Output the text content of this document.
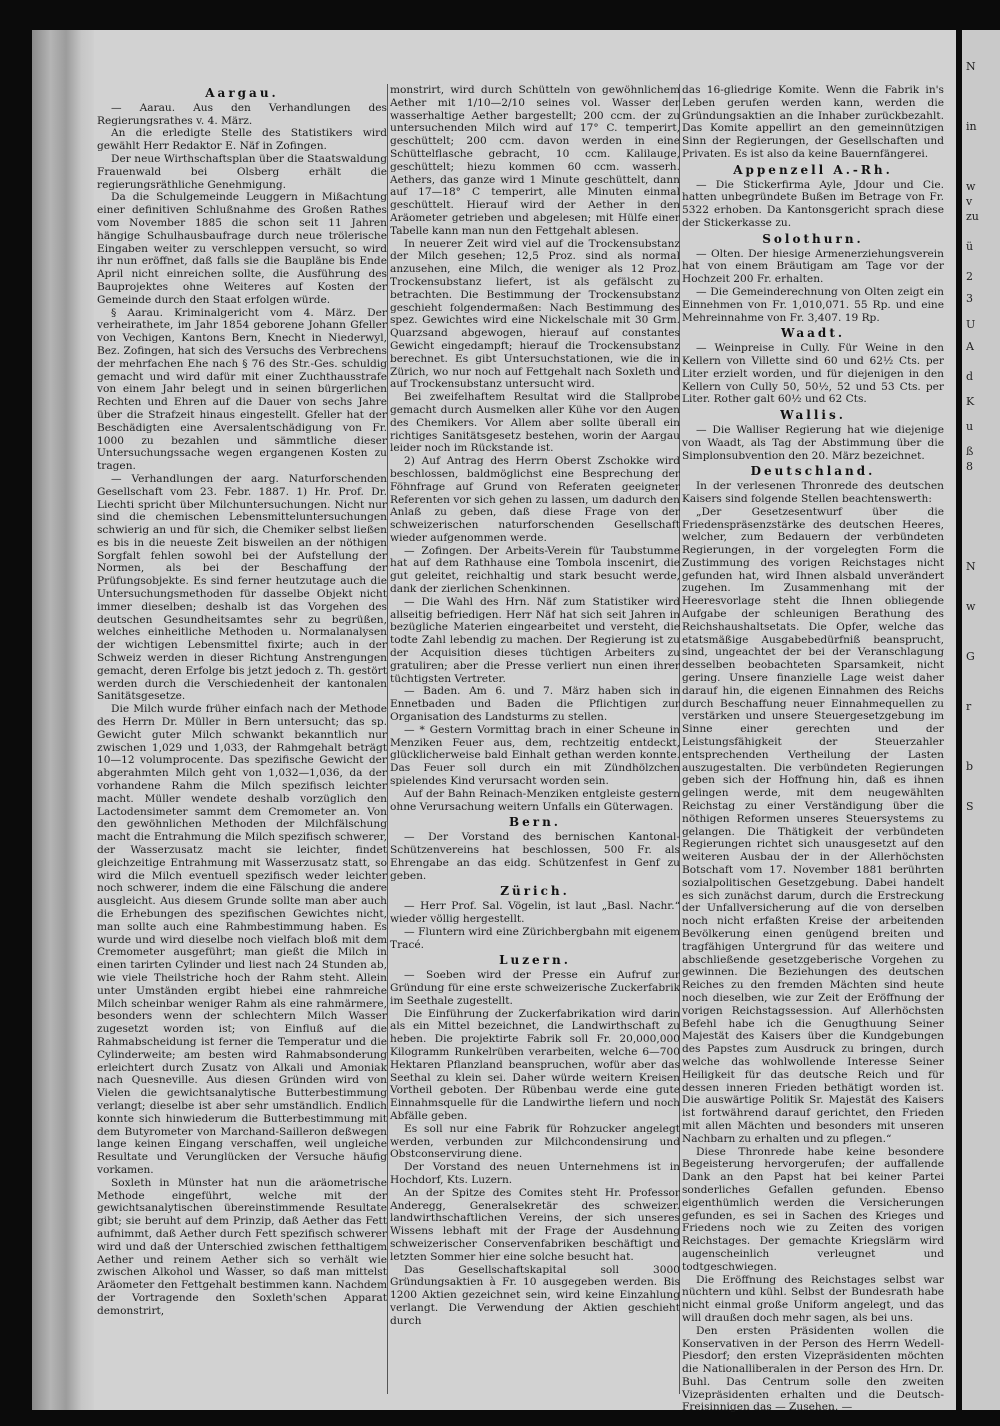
Aargau.

— Aarau. Aus den Verhandlungen des Regierungsrathes v. 4. März.

An die erledigte Stelle des Statistikers wird gewählt Herr Redaktor E. Näf in Zofingen.

Der neue Wirthschaftsplan über die Staatswaldung Frauenwald bei Olsberg erhält die regierungsräthliche Genehmigung.

Da die Schulgemeinde Leuggern in Mißachtung einer definitiven Schlußnahme des Großen Rathes vom November 1885 die schon seit 11 Jahren hängige Schulhausbaufrage durch neue trölerische Eingaben weiter zu verschleppen versucht, so wird ihr nun eröffnet, daß falls sie die Baupläne bis Ende April nicht einreichen sollte, die Ausführung des Bauprojektes ohne Weiteres auf Kosten der Gemeinde durch den Staat erfolgen würde.

§ Aarau. Kriminalgericht vom 4. März. Der verheirathete, im Jahr 1854 geborene Johann Gfeller von Vechigen, Kantons Bern, Knecht in Niederwyl, Bez. Zofingen, hat sich des Versuchs des Verbrechens der mehrfachen Ehe nach § 76 des Str.-Ges. schuldig gemacht und wird dafür mit einer Zuchthausstrafe von einem Jahr belegt und in seinen bürgerlichen Rechten und Ehren auf die Dauer von sechs Jahre über die Strafzeit hinaus eingestellt. Gfeller hat der Beschädigten eine Aversalentschädigung von Fr. 1000 zu bezahlen und sämmtliche dieser Untersuchungssache wegen ergangenen Kosten zu tragen.

— Verhandlungen der aarg. Naturforschenden Gesellschaft vom 23. Febr. 1887. 1) Hr. Prof. Dr. Liechti spricht über Milchuntersuchungen. Nicht nur sind die chemischen Lebensmitteluntersuchungen schwierig an und für sich, die Chemiker selbst ließen es bis in die neueste Zeit bisweilen an der nöthigen Sorgfalt fehlen sowohl bei der Aufstellung der Normen, als bei der Beschaffung der Prüfungsobjekte. Es sind ferner heutzutage auch die Untersuchungsmethoden für dasselbe Objekt nicht immer dieselben; deshalb ist das Vorgehen des deutschen Gesundheitsamtes sehr zu begrüßen, welches einheitliche Methoden u. Normalanalysen der wichtigen Lebensmittel fixirte; auch in der Schweiz werden in dieser Richtung Anstrengungen gemacht, deren Erfolge bis jetzt jedoch z. Th. gestört werden durch die Verschiedenheit der kantonalen Sanitätsgesetze.

Die Milch wurde früher einfach nach der Methode des Herrn Dr. Müller in Bern untersucht; das sp. Gewicht guter Milch schwankt bekanntlich nur zwischen 1,029 und 1,033, der Rahmgehalt beträgt 10—12 volumprocente. Das spezifische Gewicht der abgerahmten Milch geht von 1,032—1,036, da der vorhandene Rahm die Milch spezifisch leichter macht. Müller wendete deshalb vorzüglich den Lactodensimeter sammt dem Cremometer an. Von den gewöhnlichen Methoden der Milchfälschung macht die Entrahmung die Milch spezifisch schwerer, der Wasserzusatz macht sie leichter, findet gleichzeitige Entrahmung mit Wasserzusatz statt, so wird die Milch eventuell spezifisch weder leichter noch schwerer, indem die eine Fälschung die andere ausgleicht. Aus diesem Grunde sollte man aber auch die Erhebungen des spezifischen Gewichtes nicht, man sollte auch eine Rahmbestimmung haben. Es wurde und wird dieselbe noch vielfach bloß mit dem Cremometer ausgeführt; man gießt die Milch in einen tarirten Cylinder und liest nach 24 Stunden ab, wie viele Theilstriche hoch der Rahm steht. Allein unter Umständen ergibt hiebei eine rahmreiche Milch scheinbar weniger Rahm als eine rahmärmere, besonders wenn der schlechtern Milch Wasser zugesetzt worden ist; von Einfluß auf die Rahmabscheidung ist ferner die Temperatur und die Cylinderweite; am besten wird Rahmabsonderung erleichtert durch Zusatz von Alkali und Amoniak nach Quesneville. Aus diesen Gründen wird von Vielen die gewichtsanalytische Butterbestimmung verlangt; dieselbe ist aber sehr umständlich. Endlich konnte sich hinwiederum die Butterbestimmung mit dem Butyrometer von Marchand-Sailleron deßwegen lange keinen Eingang verschaffen, weil ungleiche Resultate und Verunglücken der Versuche häufig vorkamen.

Soxleth in Münster hat nun die aräometrische Methode eingeführt, welche mit der gewichtsanalytischen übereinstimmende Resultate gibt; sie beruht auf dem Prinzip, daß Aether das Fett aufnimmt, daß Aether durch Fett spezifisch schwerer wird und daß der Unterschied zwischen fetthaltigem Aether und reinem Aether sich so verhält wie zwischen Alkohol und Wasser, so daß man mittelst Aräometer den Fettgehalt bestimmen kann. Nachdem der Vortragende den Soxleth'schen Apparat demonstrirt,

monstrirt, wird durch Schütteln von gewöhnlichem Aether mit 1/10—2/10 seines vol. Wasser der wasserhaltige Aether bargestellt; 200 ccm. der zu untersuchenden Milch wird auf 17° C. temperirt, geschüttelt; 200 ccm. davon werden in eine Schüttelflasche gebracht, 10 ccm. Kalilauge, geschüttelt; hiezu kommen 60 ccm. wasserh. Aethers, das ganze wird 1 Minute geschüttelt, dann auf 17—18° C temperirt, alle Minuten einmal geschüttelt. Hierauf wird der Aether in den Aräometer getrieben und abgelesen; mit Hülfe einer Tabelle kann man nun den Fettgehalt ablesen.

In neuerer Zeit wird viel auf die Trockensubstanz der Milch gesehen; 12,5 Proz. sind als normal anzusehen, eine Milch, die weniger als 12 Proz. Trockensubstanz liefert, ist als gefälscht zu betrachten. Die Bestimmung der Trockensubstanz geschieht folgendermaßen: Nach Bestimmung des spez. Gewichtes wird eine Nickelschale mit 30 Grm. Quarzsand abgewogen, hierauf auf constantes Gewicht eingedampft; hierauf die Trockensubstanz berechnet. Es gibt Untersuchstationen, wie die in Zürich, wo nur noch auf Fettgehalt nach Soxleth und auf Trockensubstanz untersucht wird.

Bei zweifelhaftem Resultat wird die Stallprobe gemacht durch Ausmelken aller Kühe vor den Augen des Chemikers. Vor Allem aber sollte überall ein richtiges Sanitätsgesetz bestehen, worin der Aargau leider noch im Rückstande ist.

2) Auf Antrag des Herrn Oberst Zschokke wird beschlossen, baldmöglichst eine Besprechung der Föhnfrage auf Grund von Referaten geeigneter Referenten vor sich gehen zu lassen, um dadurch den Anlaß zu geben, daß diese Frage von der schweizerischen naturforschenden Gesellschaft wieder aufgenommen werde.

— Zofingen. Der Arbeits-Verein für Taubstumme hat auf dem Rathhause eine Tombola inscenirt, die gut geleitet, reichhaltig und stark besucht werde, dank der zierlichen Schenkinnen.

— Die Wahl des Hrn. Näf zum Statistiker wird allseitig befriedigen. Herr Näf hat sich seit Jahren in bezügliche Materien eingearbeitet und versteht, die todte Zahl lebendig zu machen. Der Regierung ist zu der Acquisition dieses tüchtigen Arbeiters zu gratuliren; aber die Presse verliert nun einen ihrer tüchtigsten Vertreter.

— Baden. Am 6. und 7. März haben sich in Ennetbaden und Baden die Pflichtigen zur Organisation des Landsturms zu stellen.

— * Gestern Vormittag brach in einer Scheune in Menziken Feuer aus, dem, rechtzeitig entdeckt, glücklicherweise bald Einhalt gethan werden konnte. Das Feuer soll durch ein mit Zündhölzchen spielendes Kind verursacht worden sein.

Auf der Bahn Reinach-Menziken entgleiste gestern ohne Verursachung weitern Unfalls ein Güterwagen.

Bern.

— Der Vorstand des bernischen Kantonal-Schützenvereins hat beschlossen, 500 Fr. als Ehrengabe an das eidg. Schützenfest in Genf zu geben.

Zürich.

— Herr Prof. Sal. Vögelin, ist laut „Basl. Nachr.“ wieder völlig hergestellt.

— Fluntern wird eine Zürichbergbahn mit eigenem Tracé.

Luzern.

— Soeben wird der Presse ein Aufruf zur Gründung für eine erste schweizerische Zuckerfabrik im Seethale zugestellt.

Die Einführung der Zuckerfabrikation wird darin als ein Mittel bezeichnet, die Landwirthschaft zu heben. Die projektirte Fabrik soll Fr. 20,000,000 Kilogramm Runkelrüben verarbeiten, welche 6—700 Hektaren Pflanzland beanspruchen, wofür aber das Seethal zu klein sei. Daher würde weitern Kreisen Vortheil geboten. Der Rübenbau werde eine gute Einnahmsquelle für die Landwirthe liefern und noch Abfälle geben.

Es soll nur eine Fabrik für Rohzucker angelegt werden, verbunden zur Milchcondensirung und Obstconservirung diene.

Der Vorstand des neuen Unternehmens ist in Hochdorf, Kts. Luzern.

An der Spitze des Comites steht Hr. Professor Anderegg, Generalsekretär des schweizer. landwirthschaftlichen Vereins, der sich unseres Wissens lebhaft mit der Frage der Ausdehnung schweizerischer Conservenfabriken beschäftigt und letzten Sommer hier eine solche besucht hat.

Das Gesellschaftskapital soll 3000 Gründungsaktien à Fr. 10 ausgegeben werden. Bis 1200 Aktien gezeichnet sein, wird keine Einzahlung verlangt. Die Verwendung der Aktien geschieht durch

das 16-gliedrige Komite. Wenn die Fabrik in's Leben gerufen werden kann, werden die Gründungsaktien an die Inhaber zurückbezahlt. Das Komite appellirt an den gemeinnützigen Sinn der Regierungen, der Gesellschaften und Privaten. Es ist also da keine Bauernfängerei.

Appenzell A.-Rh.

— Die Stickerfirma Ayle, Jdour und Cie. hatten unbegründete Bußen im Betrage von Fr. 5322 erhoben. Da Kantonsgericht sprach diese der Stickerkasse zu.

Solothurn.

— Olten. Der hiesige Armenerziehungsverein hat von einem Bräutigam am Tage vor der Hochzeit 200 Fr. erhalten.

— Die Gemeinderechnung von Olten zeigt ein Einnehmen von Fr. 1,010,071. 55 Rp. und eine Mehreinnahme von Fr. 3,407. 19 Rp.

Waadt.

— Weinpreise in Cully. Für Weine in den Kellern von Villette sind 60 und 62½ Cts. per Liter erzielt worden, und für diejenigen in den Kellern von Cully 50, 50½, 52 und 53 Cts. per Liter. Rother galt 60½ und 62 Cts.

Wallis.

— Die Walliser Regierung hat wie diejenige von Waadt, als Tag der Abstimmung über die Simplonsubvention den 20. März bezeichnet.

Deutschland.

In der verlesenen Thronrede des deutschen Kaisers sind folgende Stellen beachtenswerth:

„Der Gesetzesentwurf über die Friedenspräsenzstärke des deutschen Heeres, welcher, zum Bedauern der verbündeten Regierungen, in der vorgelegten Form die Zustimmung des vorigen Reichstages nicht gefunden hat, wird Ihnen alsbald unverändert zugehen. Im Zusammenhang mit der Heeresvorlage steht die Ihnen obliegende Aufgabe der schleunigen Berathung des Reichshaushaltsetats. Die Opfer, welche das etatsmäßige Ausgabebedürfniß beansprucht, sind, ungeachtet der bei der Veranschlagung desselben beobachteten Sparsamkeit, nicht gering. Unsere finanzielle Lage weist daher darauf hin, die eigenen Einnahmen des Reichs durch Beschaffung neuer Einnahmequellen zu verstärken und unsere Steuergesetzgebung im Sinne einer gerechten und der Leistungsfähigkeit der Steuerzahler entsprechenden Vertheilung der Lasten auszugestalten. Die verbündeten Regierungen geben sich der Hoffnung hin, daß es ihnen gelingen werde, mit dem neugewählten Reichstag zu einer Verständigung über die nöthigen Reformen unseres Steuersystems zu gelangen. Die Thätigkeit der verbündeten Regierungen richtet sich unausgesetzt auf den weiteren Ausbau der in der Allerhöchsten Botschaft vom 17. November 1881 berührten sozialpolitischen Gesetzgebung. Dabei handelt es sich zunächst darum, durch die Erstreckung der Unfallversicherung auf die von derselben noch nicht erfaßten Kreise der arbeitenden Bevölkerung einen genügend breiten und tragfähigen Untergrund für das weitere und abschließende gesetzgeberische Vorgehen zu gewinnen. Die Beziehungen des deutschen Reiches zu den fremden Mächten sind heute noch dieselben, wie zur Zeit der Eröffnung der vorigen Reichstagssession. Auf Allerhöchsten Befehl habe ich die Genugthuung Seiner Majestät des Kaisers über die Kundgebungen des Papstes zum Ausdruck zu bringen, durch welche das wohlwollende Interesse Seiner Heiligkeit für das deutsche Reich und für dessen inneren Frieden bethätigt worden ist. Die auswärtige Politik Sr. Majestät des Kaisers ist fortwährend darauf gerichtet, den Frieden mit allen Mächten und besonders mit unseren Nachbarn zu erhalten und zu pflegen.“

Diese Thronrede habe keine besondere Begeisterung hervorgerufen; der auffallende Dank an den Papst hat bei keiner Partei sonderliches Gefallen gefunden. Ebenso eigenthümlich werden die Versicherungen gefunden, es sei in Sachen des Krieges und Friedens noch wie zu Zeiten des vorigen Reichstages. Der gemachte Kriegslärm wird augenscheinlich verleugnet und todtgeschwiegen.

Die Eröffnung des Reichstages selbst war nüchtern und kühl. Selbst der Bundesrath habe nicht einmal große Uniform angelegt, und das will draußen doch mehr sagen, als bei uns.

Den ersten Präsidenten wollen die Konservativen in der Person des Herrn Wedell-Piesdorf; den ersten Vizepräsidenten möchten die Nationalliberalen in der Person des Hrn. Dr. Buhl. Das Centrum solle den zweiten Vizepräsidenten erhalten und die Deutsch-Freisinnigen das — Zusehen. —

N
in
w
v
zu
ü
2
3
U
A
d
K
u
ß
8
N
w
G
r
b
S
